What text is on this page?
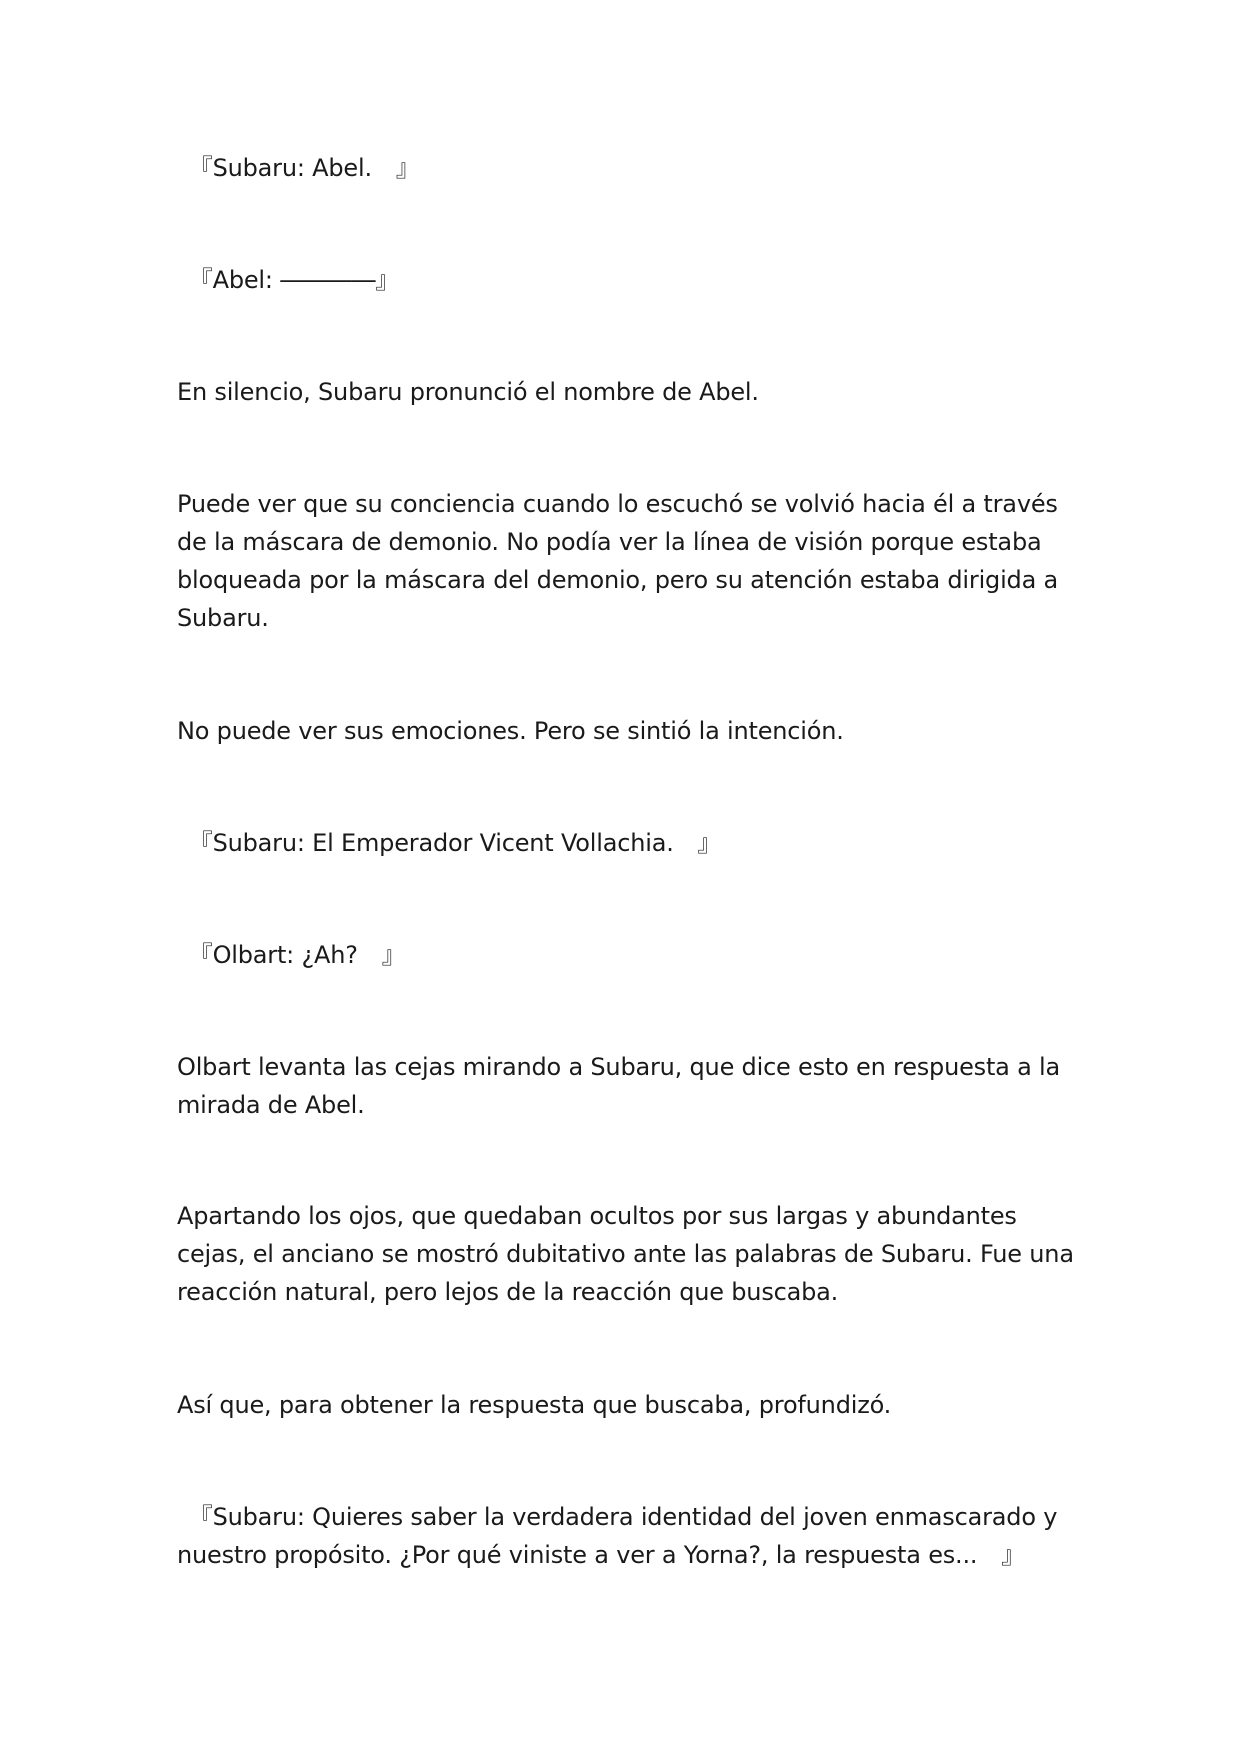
　『Subaru: Abel.　』

　『Abel: ――――』

En silencio, Subaru pronunció el nombre de Abel.

Puede ver que su conciencia cuando lo escuchó se volvió hacia él a través de la máscara de demonio. No podía ver la línea de visión porque estaba bloqueada por la máscara del demonio, pero su atención estaba dirigida a Subaru.

No puede ver sus emociones. Pero se sintió la intención.

　『Subaru: El Emperador Vicent Vollachia.　』

　『Olbart: ¿Ah?　』

Olbart levanta las cejas mirando a Subaru, que dice esto en respuesta a la mirada de Abel.

Apartando los ojos, que quedaban ocultos por sus largas y abundantes cejas, el anciano se mostró dubitativo ante las palabras de Subaru. Fue una reacción natural, pero lejos de la reacción que buscaba.

Así que, para obtener la respuesta que buscaba, profundizó.

　『Subaru: Quieres saber la verdadera identidad del joven enmascarado y nuestro propósito. ¿Por qué viniste a ver a Yorna?, la respuesta es...　』
